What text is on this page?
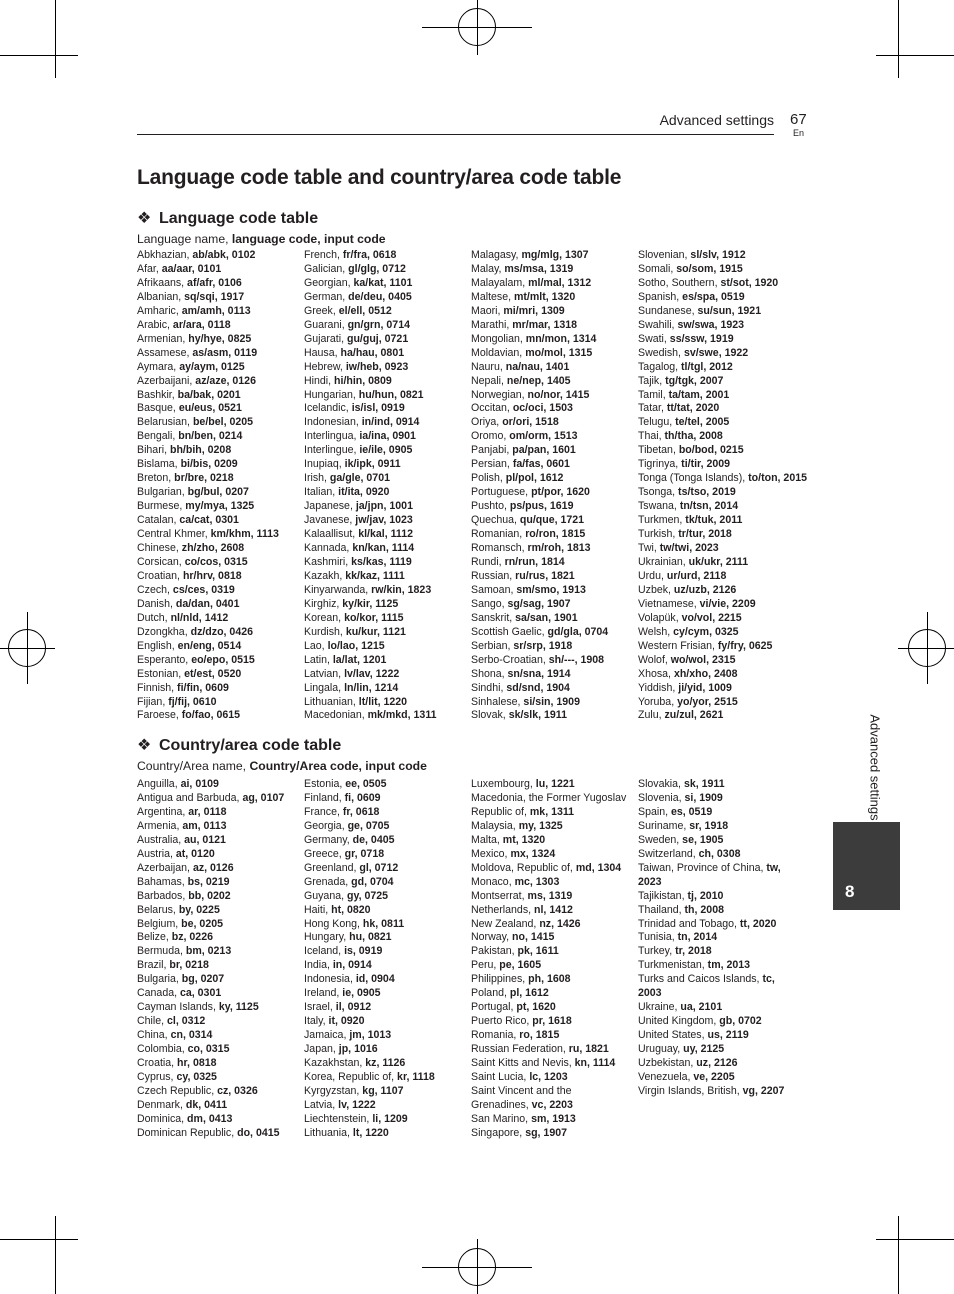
Advanced settings 67
En
Language code table and country/area code table
❖ Language code table
Language name, language code, input code
Abkhazian, ab/abk, 0102
Afar, aa/aar, 0101
Afrikaans, af/afr, 0106
Albanian, sq/sqi, 1917
Amharic, am/amh, 0113
Arabic, ar/ara, 0118
Armenian, hy/hye, 0825
Assamese, as/asm, 0119
Aymara, ay/aym, 0125
Azerbaijani, az/aze, 0126
Bashkir, ba/bak, 0201
Basque, eu/eus, 0521
Belarusian, be/bel, 0205
Bengali, bn/ben, 0214
Bihari, bh/bih, 0208
Bislama, bi/bis, 0209
Breton, br/bre, 0218
Bulgarian, bg/bul, 0207
Burmese, my/mya, 1325
Catalan, ca/cat, 0301
Central Khmer, km/khm, 1113
Chinese, zh/zho, 2608
Corsican, co/cos, 0315
Croatian, hr/hrv, 0818
Czech, cs/ces, 0319
Danish, da/dan, 0401
Dutch, nl/nld, 1412
Dzongkha, dz/dzo, 0426
English, en/eng, 0514
Esperanto, eo/epo, 0515
Estonian, et/est, 0520
Finnish, fi/fin, 0609
Fijian, fj/fij, 0610
Faroese, fo/fao, 0615
French, fr/fra, 0618
Galician, gl/glg, 0712
Georgian, ka/kat, 1101
German, de/deu, 0405
Greek, el/ell, 0512
Guarani, gn/grn, 0714
Gujarati, gu/guj, 0721
Hausa, ha/hau, 0801
Hebrew, iw/heb, 0923
Hindi, hi/hin, 0809
Hungarian, hu/hun, 0821
Icelandic, is/isl, 0919
Indonesian, in/ind, 0914
Interlingua, ia/ina, 0901
Interlingue, ie/ile, 0905
Inupiaq, ik/ipk, 0911
Irish, ga/gle, 0701
Italian, it/ita, 0920
Japanese, ja/jpn, 1001
Javanese, jw/jav, 1023
Kalaallisut, kl/kal, 1112
Kannada, kn/kan, 1114
Kashmiri, ks/kas, 1119
Kazakh, kk/kaz, 1111
Kinyarwanda, rw/kin, 1823
Kirghiz, ky/kir, 1125
Korean, ko/kor, 1115
Kurdish, ku/kur, 1121
Lao, lo/lao, 1215
Latin, la/lat, 1201
Latvian, lv/lav, 1222
Lingala, ln/lin, 1214
Lithuanian, lt/lit, 1220
Macedonian, mk/mkd, 1311
Malagasy, mg/mlg, 1307
Malay, ms/msa, 1319
Malayalam, ml/mal, 1312
Maltese, mt/mlt, 1320
Maori, mi/mri, 1309
Marathi, mr/mar, 1318
Mongolian, mn/mon, 1314
Moldavian, mo/mol, 1315
Nauru, na/nau, 1401
Nepali, ne/nep, 1405
Norwegian, no/nor, 1415
Occitan, oc/oci, 1503
Oriya, or/ori, 1518
Oromo, om/orm, 1513
Panjabi, pa/pan, 1601
Persian, fa/fas, 0601
Polish, pl/pol, 1612
Portuguese, pt/por, 1620
Pushto, ps/pus, 1619
Quechua, qu/que, 1721
Romanian, ro/ron, 1815
Romansch, rm/roh, 1813
Rundi, rn/run, 1814
Russian, ru/rus, 1821
Samoan, sm/smo, 1913
Sango, sg/sag, 1907
Sanskrit, sa/san, 1901
Scottish Gaelic, gd/gla, 0704
Serbian, sr/srp, 1918
Serbo-Croatian, sh/---, 1908
Shona, sn/sna, 1914
Sindhi, sd/snd, 1904
Sinhalese, si/sin, 1909
Slovak, sk/slk, 1911
Slovenian, sl/slv, 1912
Somali, so/som, 1915
Sotho, Southern, st/sot, 1920
Spanish, es/spa, 0519
Sundanese, su/sun, 1921
Swahili, sw/swa, 1923
Swati, ss/ssw, 1919
Swedish, sv/swe, 1922
Tagalog, tl/tgl, 2012
Tajik, tg/tgk, 2007
Tamil, ta/tam, 2001
Tatar, tt/tat, 2020
Telugu, te/tel, 2005
Thai, th/tha, 2008
Tibetan, bo/bod, 0215
Tigrinya, ti/tir, 2009
Tonga (Tonga Islands), to/ton, 2015
Tsonga, ts/tso, 2019
Tswana, tn/tsn, 2014
Turkmen, tk/tuk, 2011
Turkish, tr/tur, 2018
Twi, tw/twi, 2023
Ukrainian, uk/ukr, 2111
Urdu, ur/urd, 2118
Uzbek, uz/uzb, 2126
Vietnamese, vi/vie, 2209
Volapük, vo/vol, 2215
Welsh, cy/cym, 0325
Western Frisian, fy/fry, 0625
Wolof, wo/wol, 2315
Xhosa, xh/xho, 2408
Yiddish, ji/yid, 1009
Yoruba, yo/yor, 2515
Zulu, zu/zul, 2621
❖ Country/area code table
Country/Area name, Country/Area code, input code
Anguilla, ai, 0109
Antigua and Barbuda, ag, 0107
Argentina, ar, 0118
Armenia, am, 0113
Australia, au, 0121
Austria, at, 0120
Azerbaijan, az, 0126
Bahamas, bs, 0219
Barbados, bb, 0202
Belarus, by, 0225
Belgium, be, 0205
Belize, bz, 0226
Bermuda, bm, 0213
Brazil, br, 0218
Bulgaria, bg, 0207
Canada, ca, 0301
Cayman Islands, ky, 1125
Chile, cl, 0312
China, cn, 0314
Colombia, co, 0315
Croatia, hr, 0818
Cyprus, cy, 0325
Czech Republic, cz, 0326
Denmark, dk, 0411
Dominica, dm, 0413
Dominican Republic, do, 0415
Estonia, ee, 0505
Finland, fi, 0609
France, fr, 0618
Georgia, ge, 0705
Germany, de, 0405
Greece, gr, 0718
Greenland, gl, 0712
Grenada, gd, 0704
Guyana, gy, 0725
Haiti, ht, 0820
Hong Kong, hk, 0811
Hungary, hu, 0821
Iceland, is, 0919
India, in, 0914
Indonesia, id, 0904
Ireland, ie, 0905
Israel, il, 0912
Italy, it, 0920
Jamaica, jm, 1013
Japan, jp, 1016
Kazakhstan, kz, 1126
Korea, Republic of, kr, 1118
Kyrgyzstan, kg, 1107
Latvia, lv, 1222
Liechtenstein, li, 1209
Lithuania, lt, 1220
Luxembourg, lu, 1221
Macedonia, the Former Yugoslav Republic of, mk, 1311
Malaysia, my, 1325
Malta, mt, 1320
Mexico, mx, 1324
Moldova, Republic of, md, 1304
Monaco, mc, 1303
Montserrat, ms, 1319
Netherlands, nl, 1412
New Zealand, nz, 1426
Norway, no, 1415
Pakistan, pk, 1611
Peru, pe, 1605
Philippines, ph, 1608
Poland, pl, 1612
Portugal, pt, 1620
Puerto Rico, pr, 1618
Romania, ro, 1815
Russian Federation, ru, 1821
Saint Kitts and Nevis, kn, 1114
Saint Lucia, lc, 1203
Saint Vincent and the Grenadines, vc, 2203
San Marino, sm, 1913
Singapore, sg, 1907
Slovakia, sk, 1911
Slovenia, si, 1909
Spain, es, 0519
Suriname, sr, 1918
Sweden, se, 1905
Switzerland, ch, 0308
Taiwan, Province of China, tw, 2023
Tajikistan, tj, 2010
Thailand, th, 2008
Trinidad and Tobago, tt, 2020
Tunisia, tn, 2014
Turkey, tr, 2018
Turkmenistan, tm, 2013
Turks and Caicos Islands, tc, 2003
Ukraine, ua, 2101
United Kingdom, gb, 0702
United States, us, 2119
Uruguay, uy, 2125
Uzbekistan, uz, 2126
Venezuela, ve, 2205
Virgin Islands, British, vg, 2207
Advanced settings
8
